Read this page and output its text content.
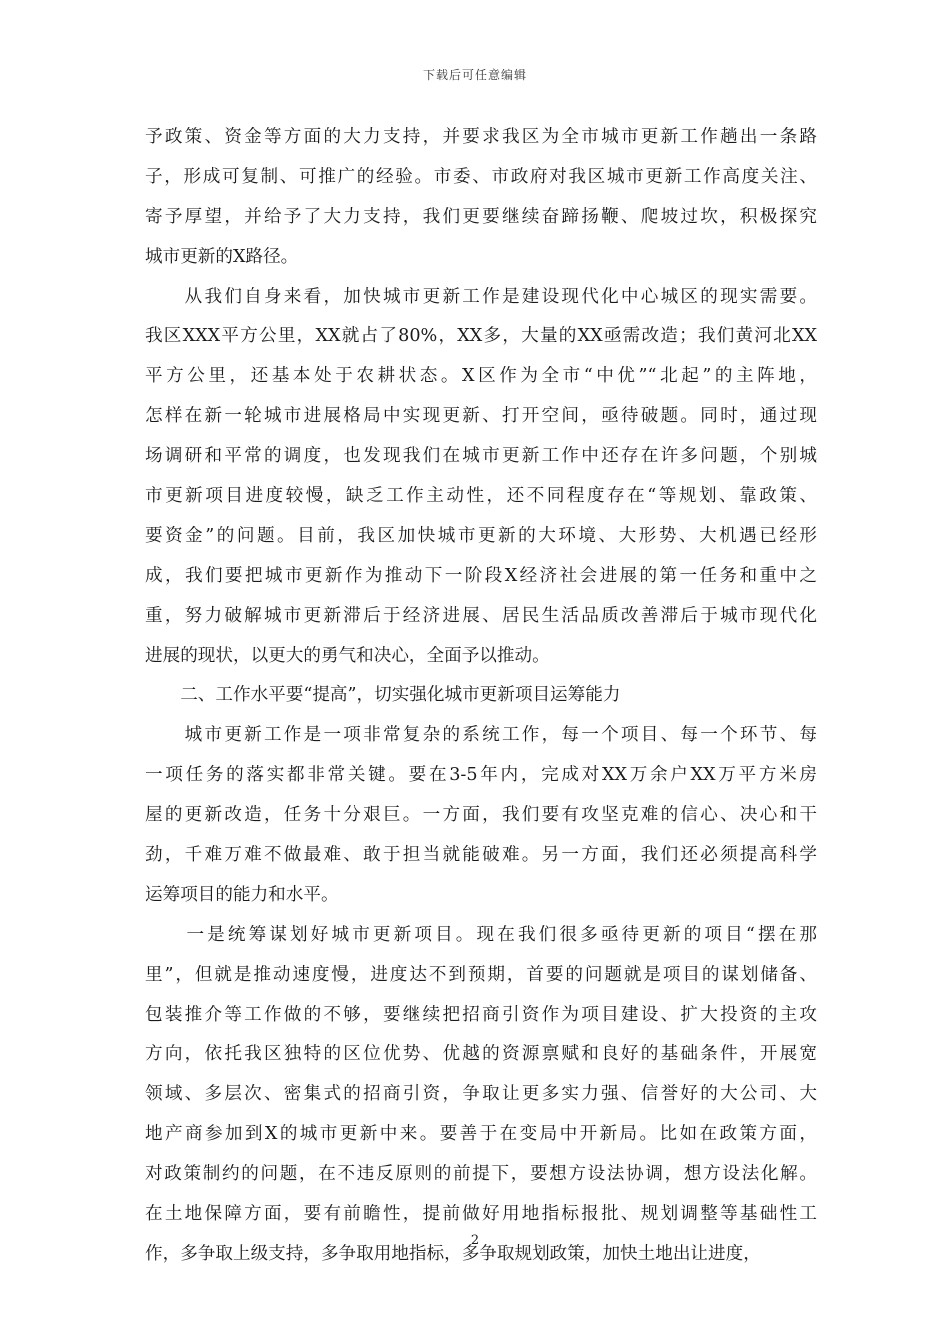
下载后可任意编辑
予政策、资金等方面的大力支持，并要求我区为全市城市更新工作趟出一条路
子，形成可复制、可推广的经验。市委、市政府对我区城市更新工作高度关注、
寄予厚望，并给予了大力支持，我们更要继续奋蹄扬鞭、爬坡过坎，积极探究
城市更新的X路径。
　　从我们自身来看，加快城市更新工作是建设现代化中心城区的现实需要。
我区XXX平方公里，XX就占了80%，XX多，大量的XX亟需改造；我们黄河北XX
平方公里，还基本处于农耕状态。X区作为全市“中优”“北起”的主阵地，
怎样在新一轮城市进展格局中实现更新、打开空间，亟待破题。同时，通过现
场调研和平常的调度，也发现我们在城市更新工作中还存在许多问题，个别城
市更新项目进度较慢，缺乏工作主动性，还不同程度存在“等规划、靠政策、
要资金”的问题。目前，我区加快城市更新的大环境、大形势、大机遇已经形
成，我们要把城市更新作为推动下一阶段X经济社会进展的第一任务和重中之
重，努力破解城市更新滞后于经济进展、居民生活品质改善滞后于城市现代化
进展的现状，以更大的勇气和决心，全面予以推动。
　　二、工作水平要“提高”，切实强化城市更新项目运筹能力
　　城市更新工作是一项非常复杂的系统工作，每一个项目、每一个环节、每
一项任务的落实都非常关键。要在3-5年内，完成对XX万余户XX万平方米房
屋的更新改造，任务十分艰巨。一方面，我们要有攻坚克难的信心、决心和干
劲，千难万难不做最难、敢于担当就能破难。另一方面，我们还必须提高科学
运筹项目的能力和水平。
　　一是统筹谋划好城市更新项目。现在我们很多亟待更新的项目“摆在那
里”，但就是推动速度慢，进度达不到预期，首要的问题就是项目的谋划储备、
包装推介等工作做的不够，要继续把招商引资作为项目建设、扩大投资的主攻
方向，依托我区独特的区位优势、优越的资源禀赋和良好的基础条件，开展宽
领域、多层次、密集式的招商引资，争取让更多实力强、信誉好的大公司、大
地产商参加到X的城市更新中来。要善于在变局中开新局。比如在政策方面，
对政策制约的问题，在不违反原则的前提下，要想方设法协调，想方设法化解。
在土地保障方面，要有前瞻性，提前做好用地指标报批、规划调整等基础性工
作，多争取上级支持，多争取用地指标，多争取规划政策，加快土地出让进度，
2
